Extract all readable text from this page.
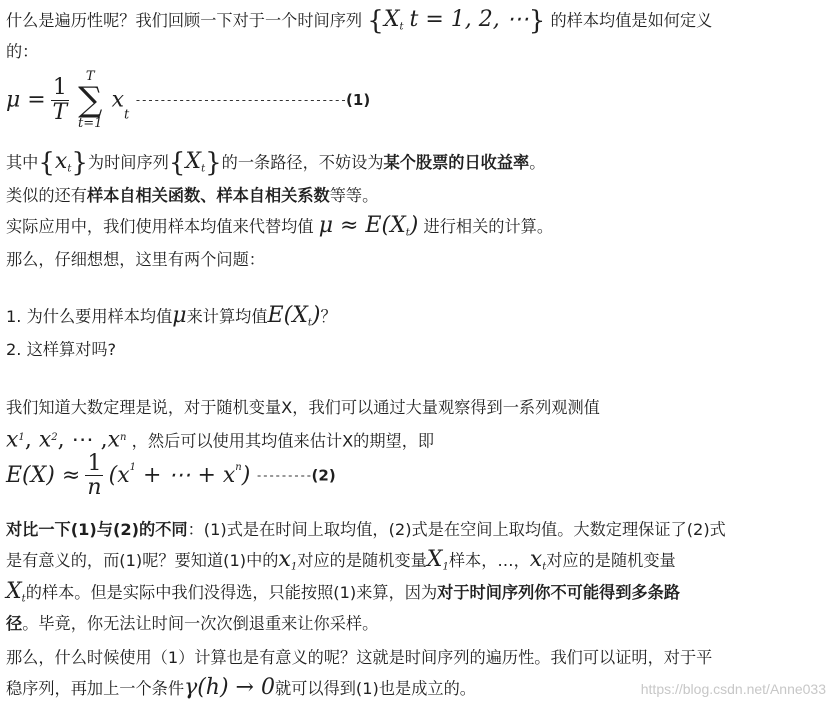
什么是遍历性呢？我们回顾一下对于一个时间序列 {$X_t$ t = 1, 2, ⋯} 的样本均值是如何定义
的：
$\mu = \frac{1}{T}$
	T
∑
t=1
$x_t$ ----------------------------------(1)
其中$\{x_t\}$为时间序列$\{X_t\}$的一条路径，不妨设为某个股票的日收益率。
类似的还有样本自相关函数、样本自相关系数等等。
实际应用中，我们使用样本均值来代替均值 $\mu \approx E(X_t)$ 进行相关的计算。
那么，仔细想想，这里有两个问题：
1. 为什么要用样本均值μ来计算均值$E(X_t)$？
2. 这样算对吗?
我们知道大数定理是说，对于随机变量X，我们可以通过大量观察得到一系列观测值
$x^1$, $x^2$, ⋯ $,x^n$ ，然后可以使用其均值来估计X的期望，即
$E(X) \approx \frac{1}{n} (x^1$ + ⋯ + $x^n$) ---------(2)
对比一下(1)与(2)的不同：(1)式是在时间上取均值，(2)式是在空间上取均值。大数定理保证了(2)式
是有意义的，而(1)呢？要知道(1)中的$x_1$对应的是随机变量$X_1$样本，…，$x_t$对应的是随机变量
$X_t$的样本。但是实际中我们没得选，只能按照(1)来算，因为对于时间序列你不可能得到多条路
径。毕竟，你无法让时间一次次倒退重来让你采样。
那么，什么时候使用（1）计算也是有意义的呢？这就是时间序列的遍历性。我们可以证明，对于平
稳序列，再加上一个条件γ(h) → 0就可以得到(1)也是成立的。	https://blog.csdn.net/Anne033
